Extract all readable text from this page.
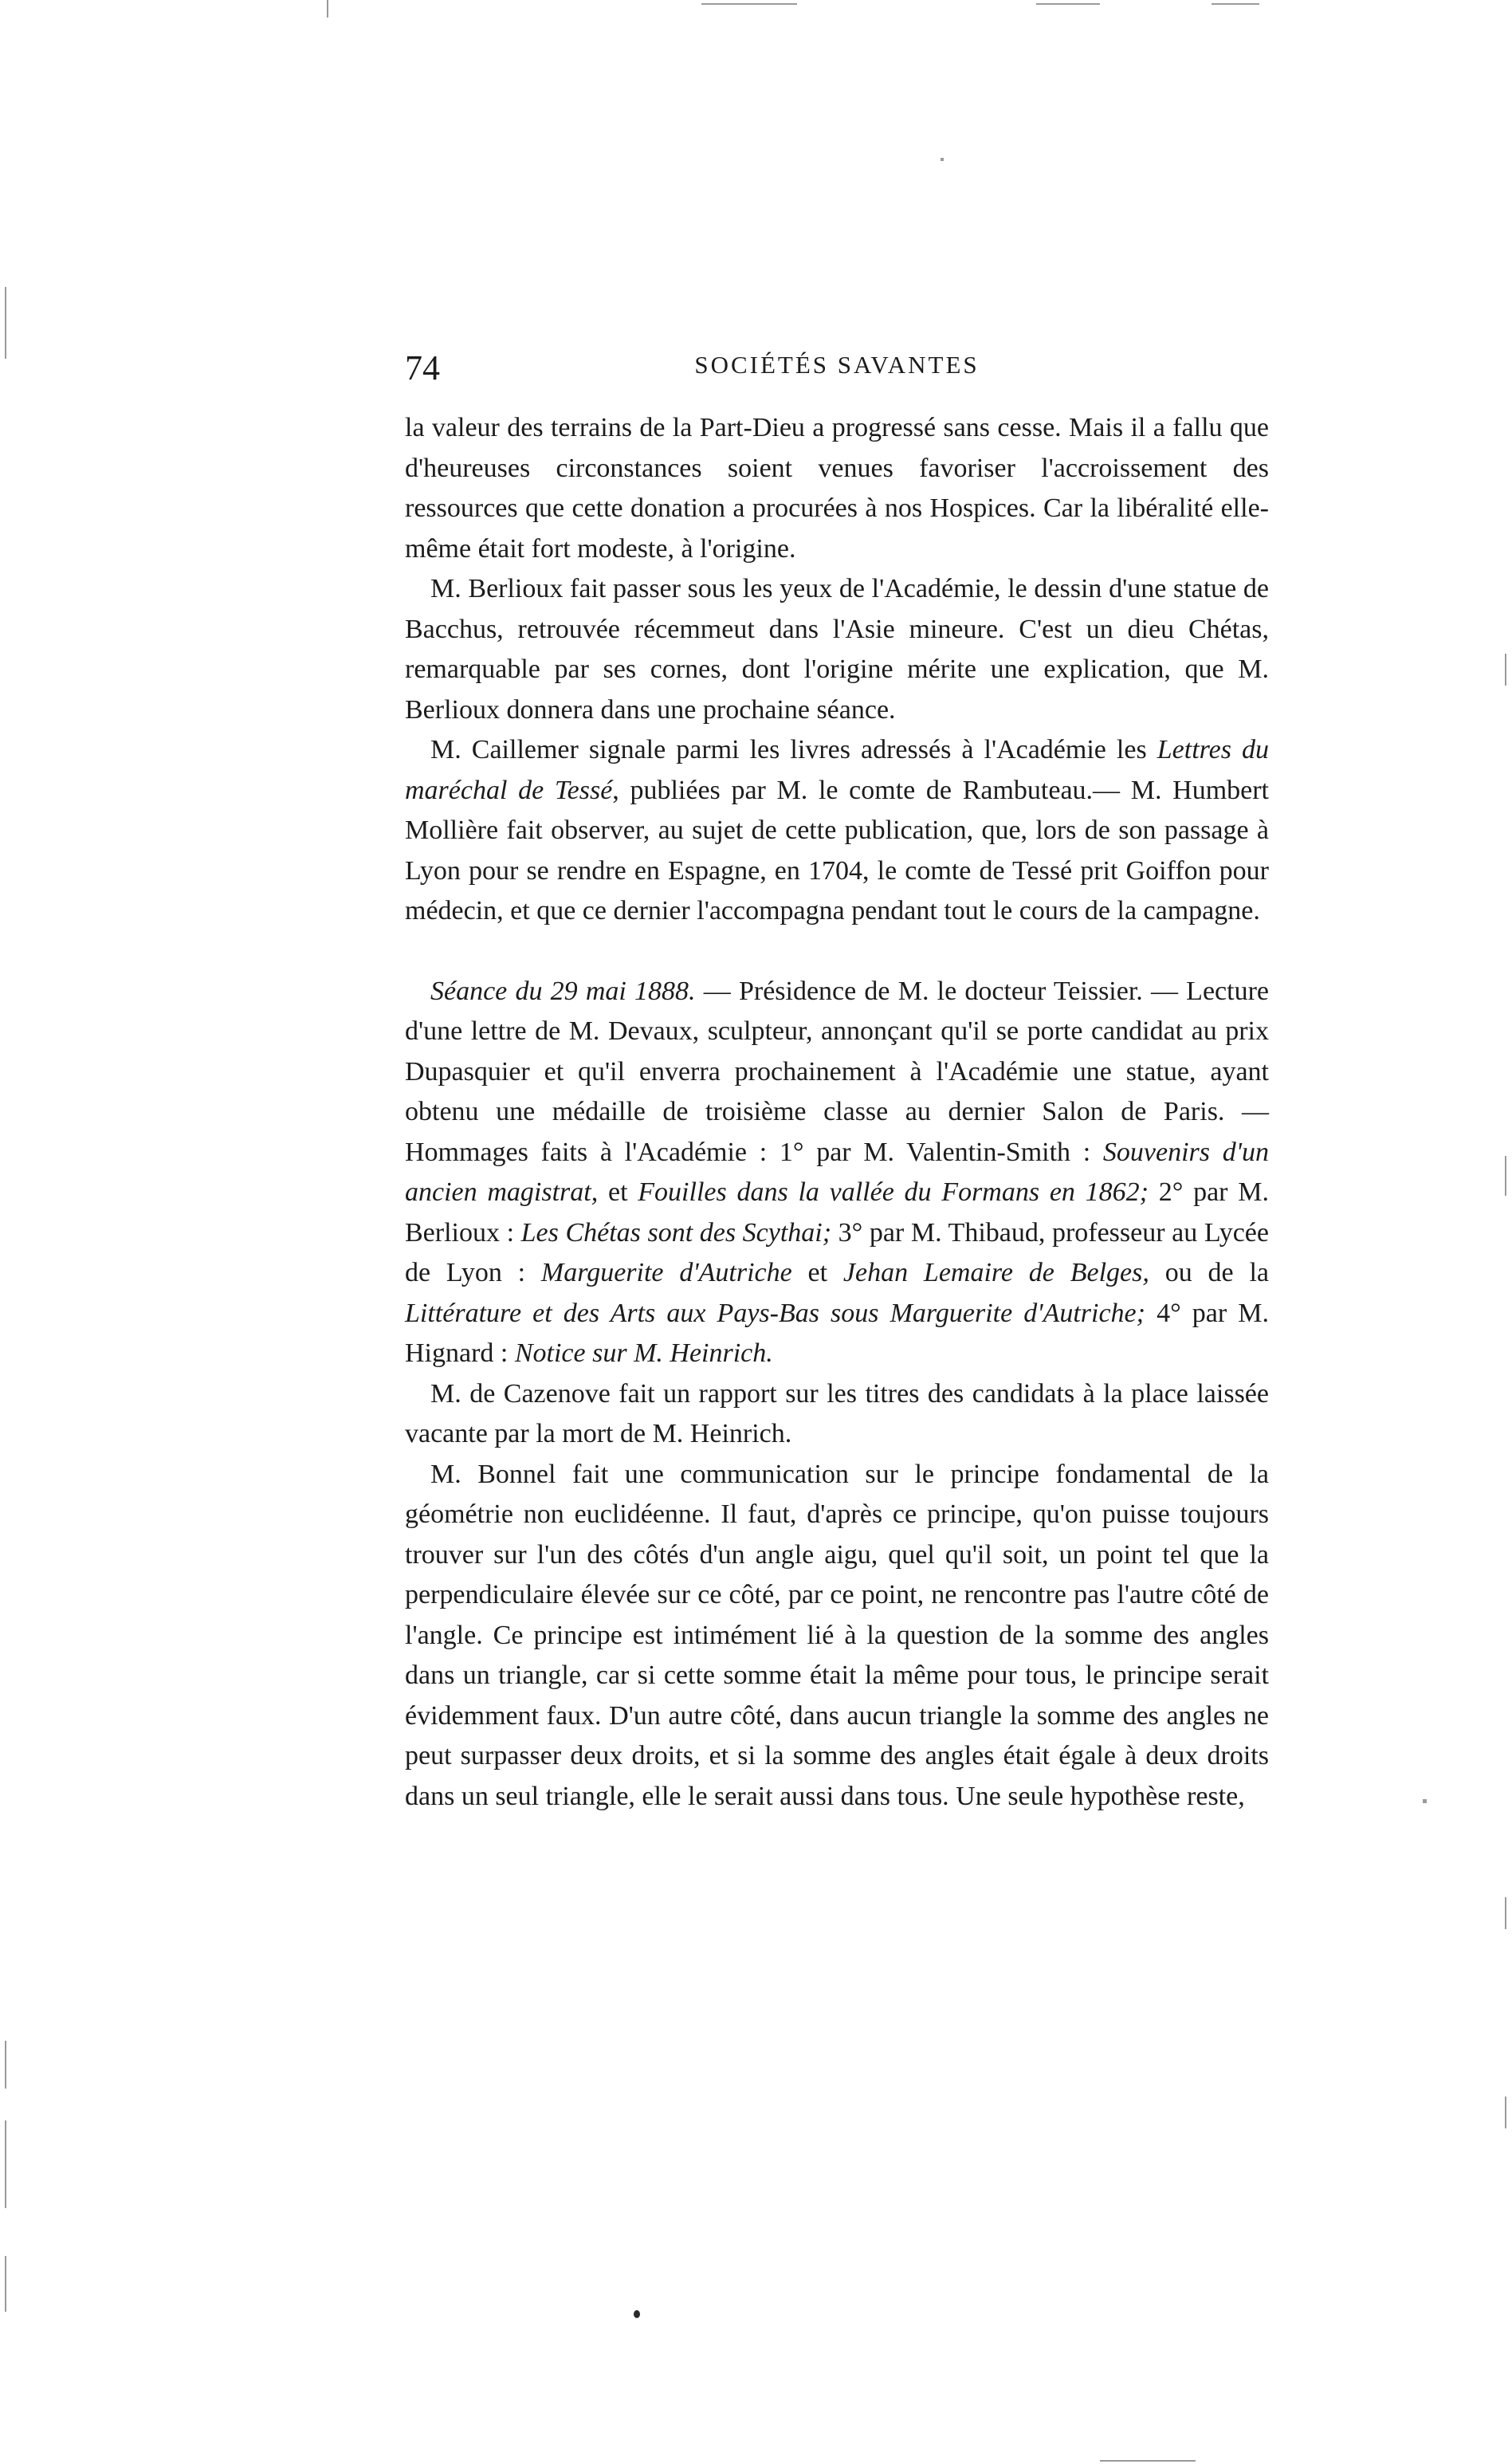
74	SOCIÉTÉS SAVANTES

la valeur des terrains de la Part-Dieu a progressé sans cesse. Mais il a fallu que d'heureuses circonstances soient venues favoriser l'accroissement des ressources que cette donation a procurées à nos Hospices. Car la libéralité elle-même était fort modeste, à l'origine.

M. Berlioux fait passer sous les yeux de l'Académie, le dessin d'une statue de Bacchus, retrouvée récemmeut dans l'Asie mineure. C'est un dieu Chétas, remarquable par ses cornes, dont l'origine mérite une explication, que M. Berlioux donnera dans une prochaine séance.

M. Caillemer signale parmi les livres adressés à l'Académie les Lettres du maréchal de Tessé, publiées par M. le comte de Rambuteau.— M. Humbert Mollière fait observer, au sujet de cette publication, que, lors de son passage à Lyon pour se rendre en Espagne, en 1704, le comte de Tessé prit Goiffon pour médecin, et que ce dernier l'accompagna pendant tout le cours de la campagne.

Séance du 29 mai 1888. — Présidence de M. le docteur Teissier. — Lecture d'une lettre de M. Devaux, sculpteur, annonçant qu'il se porte candidat au prix Dupasquier et qu'il enverra prochainement à l'Académie une statue, ayant obtenu une médaille de troisième classe au dernier Salon de Paris. — Hommages faits à l'Académie : 1° par M. Valentin-Smith : Souvenirs d'un ancien magistrat, et Fouilles dans la vallée du Formans en 1862; 2° par M. Berlioux : Les Chétas sont des Scythai; 3° par M. Thibaud, professeur au Lycée de Lyon : Marguerite d'Autriche et Jehan Lemaire de Belges, ou de la Littérature et des Arts aux Pays-Bas sous Marguerite d'Autriche; 4° par M. Hignard : Notice sur M. Heinrich.

M. de Cazenove fait un rapport sur les titres des candidats à la place laissée vacante par la mort de M. Heinrich.

M. Bonnel fait une communication sur le principe fondamental de la géométrie non euclidéenne. Il faut, d'après ce principe, qu'on puisse toujours trouver sur l'un des côtés d'un angle aigu, quel qu'il soit, un point tel que la perpendiculaire élevée sur ce côté, par ce point, ne rencontre pas l'autre côté de l'angle. Ce principe est intimément lié à la question de la somme des angles dans un triangle, car si cette somme était la même pour tous, le principe serait évidemment faux. D'un autre côté, dans aucun triangle la somme des angles ne peut surpasser deux droits, et si la somme des angles était égale à deux droits dans un seul triangle, elle le serait aussi dans tous. Une seule hypothèse reste,
